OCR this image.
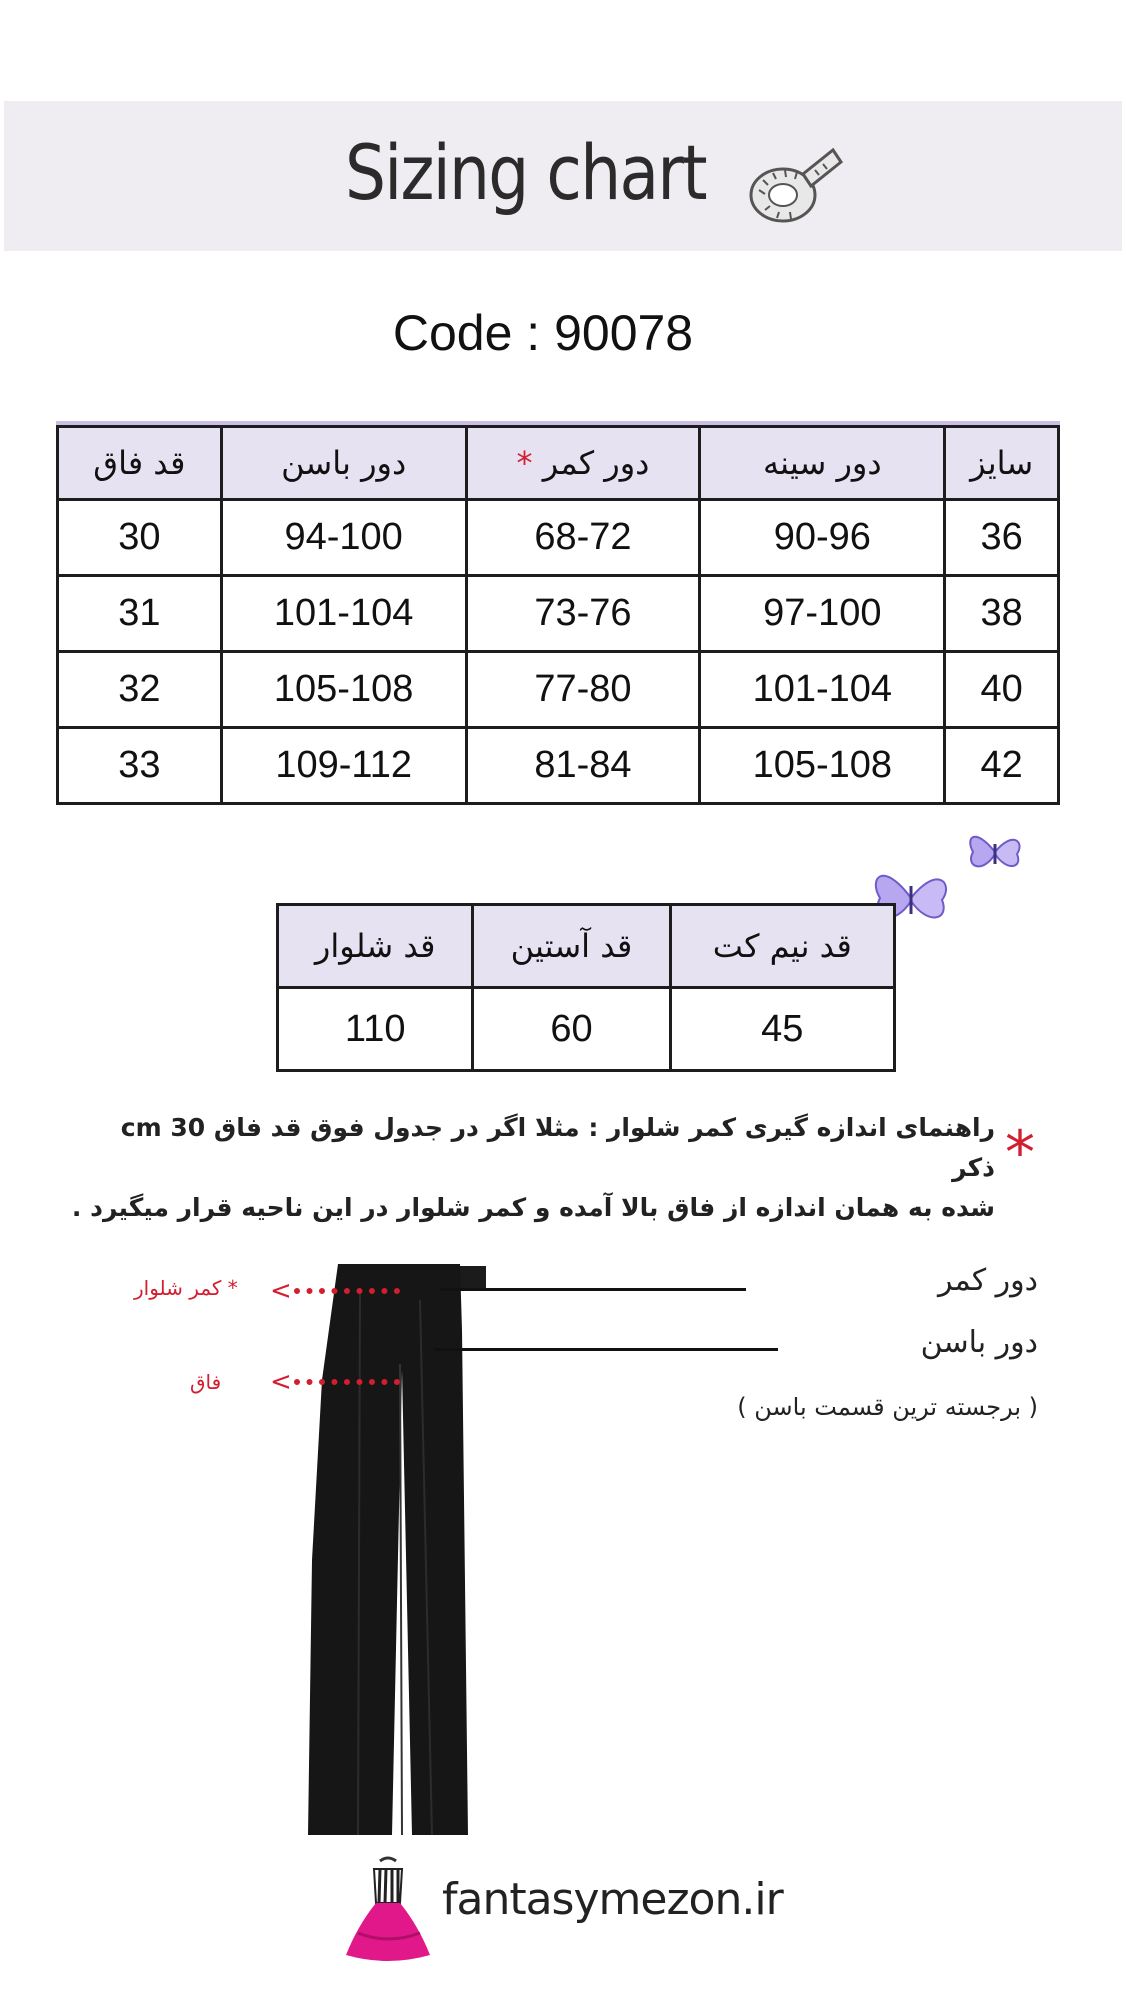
Sizing chart
Code : 90078
سایز	دور سینه	دور کمر *	دور باسن	قد فاق
36	90-96	68-72	94-100	30
38	97-100	73-76	101-104	31
40	101-104	77-80	105-108	32
42	105-108	81-84	109-112	33
قد نیم کت	قد آستین	قد شلوار
45	60	110
*
راهنمای اندازه گیری کمر شلوار : مثلا اگر در جدول فوق قد فاق 30 cm ذکر
شده به همان اندازه از فاق بالا آمده و کمر شلوار در این ناحیه قرار میگیرد .
دور کمر
دور باسن
( برجسته ترین قسمت باسن )
<
* کمر شلوار
<
فاق
fantasymezon.ir
